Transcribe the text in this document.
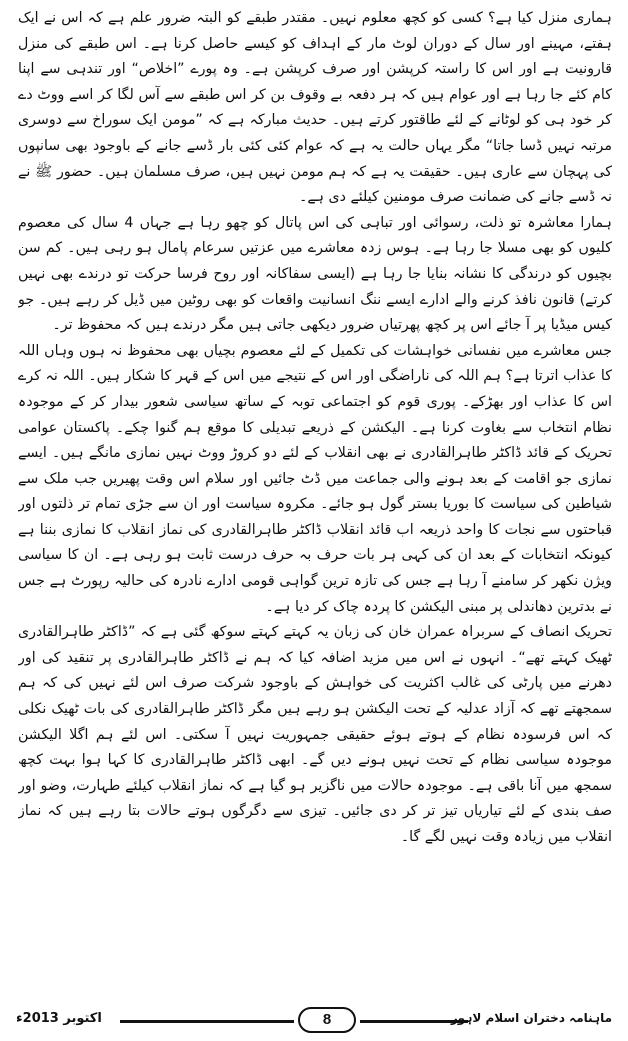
ہماری منزل کیا ہے؟ کسی کو کچھ معلوم نہیں۔ مقتدر طبقے کو البتہ ضرور علم ہے کہ اس نے ایک ہفتے، مہینے اور سال کے دوران لوٹ مار کے اہداف کو کیسے حاصل کرنا ہے۔ اس طبقے کی منزل قارونیت ہے اور اس کا راستہ کرپشن اور صرف کرپشن ہے۔ وہ پورے ”اخلاص“ اور تندہی سے اپنا کام کئے جا رہا ہے اور عوام ہیں کہ ہر دفعہ بے وقوف بن کر اس طبقے سے آس لگا کر اسے ووٹ دے کر خود ہی کو لوٹانے کے لئے طاقتور کرتے ہیں۔ حدیث مبارکہ ہے کہ ”مومن ایک سوراخ سے دوسری مرتبہ نہیں ڈسا جاتا“ مگر یہاں حالت یہ ہے کہ عوام کئی کئی بار ڈسے جانے کے باوجود بھی سانپوں کی پہچان سے عاری ہیں۔ حقیقت یہ ہے کہ ہم مومن نہیں ہیں، صرف مسلمان ہیں۔ حضور ﷺ نے نہ ڈسے جانے کی ضمانت صرف مومنین کیلئے دی ہے۔

ہمارا معاشرہ تو ذلت، رسوائی اور تباہی کی اس پاتال کو چھو رہا ہے جہاں 4 سال کی معصوم کلیوں کو بھی مسلا جا رہا ہے۔ ہوس زدہ معاشرے میں عزتیں سرعام پامال ہو رہی ہیں۔ کم سن بچیوں کو درندگی کا نشانہ بنایا جا رہا ہے (ایسی سفاکانہ اور روح فرسا حرکت تو درندے بھی نہیں کرتے) قانون نافذ کرنے والے ادارے ایسے ننگ انسانیت واقعات کو بھی روٹین میں ڈیل کر رہے ہیں۔ جو کیس میڈیا پر آ جائے اس پر کچھ پھرتیاں ضرور دیکھی جاتی ہیں مگر درندے ہیں کہ محفوظ تر۔

جس معاشرے میں نفسانی خواہشات کی تکمیل کے لئے معصوم بچیاں بھی محفوظ نہ ہوں وہاں اللہ کا عذاب اترتا ہے؟ ہم اللہ کی ناراضگی اور اس کے نتیجے میں اس کے قہر کا شکار ہیں۔ اللہ نہ کرے اس کا عذاب اور بھڑکے۔ پوری قوم کو اجتماعی توبہ کے ساتھ سیاسی شعور بیدار کر کے موجودہ نظام انتخاب سے بغاوت کرنا ہے۔ الیکشن کے ذریعے تبدیلی کا موقع ہم گنوا چکے۔ پاکستان عوامی تحریک کے قائد ڈاکٹر طاہرالقادری نے بھی انقلاب کے لئے دو کروڑ ووٹ نہیں نمازی مانگے ہیں۔ ایسے نمازی جو اقامت کے بعد ہونے والی جماعت میں ڈٹ جائیں اور سلام اس وقت پھیریں جب ملک سے شیاطین کی سیاست کا بوریا بستر گول ہو جائے۔ مکروہ سیاست اور ان سے جڑی تمام تر ذلتوں اور قباحتوں سے نجات کا واحد ذریعہ اب قائد انقلاب ڈاکٹر طاہرالقادری کی نماز انقلاب کا نمازی بننا ہے کیونکہ انتخابات کے بعد ان کی کہی ہر بات حرف بہ حرف درست ثابت ہو رہی ہے۔ ان کا سیاسی ویژن نکھر کر سامنے آ رہا ہے جس کی تازہ ترین گواہی قومی ادارے نادرہ کی حالیہ رپورٹ ہے جس نے بدترین دھاندلی پر مبنی الیکشن کا پردہ چاک کر دیا ہے۔

تحریک انصاف کے سربراہ عمران خان کی زبان یہ کہتے کہتے سوکھ گئی ہے کہ ”ڈاکٹر طاہرالقادری ٹھیک کہتے تھے“۔ انہوں نے اس میں مزید اضافہ کیا کہ ہم نے ڈاکٹر طاہرالقادری پر تنقید کی اور دھرنے میں پارٹی کی غالب اکثریت کی خواہش کے باوجود شرکت صرف اس لئے نہیں کی کہ ہم سمجھتے تھے کہ آزاد عدلیہ کے تحت الیکشن ہو رہے ہیں مگر ڈاکٹر طاہرالقادری کی بات ٹھیک نکلی کہ اس فرسودہ نظام کے ہوتے ہوئے حقیقی جمہوریت نہیں آ سکتی۔ اس لئے ہم اگلا الیکشن موجودہ سیاسی نظام کے تحت نہیں ہونے دیں گے۔ ابھی ڈاکٹر طاہرالقادری کا کہا ہوا بہت کچھ سمجھ میں آنا باقی ہے۔ موجودہ حالات میں ناگزیر ہو گیا ہے کہ نماز انقلاب کیلئے طہارت، وضو اور صف بندی کے لئے تیاریاں تیز تر کر دی جائیں۔ تیزی سے دگرگوں ہوتے حالات بتا رہے ہیں کہ نماز انقلاب میں زیادہ وقت نہیں لگے گا۔

اکتوبر 2013ء	8	ماہنامہ دختران اسلام لاہور
